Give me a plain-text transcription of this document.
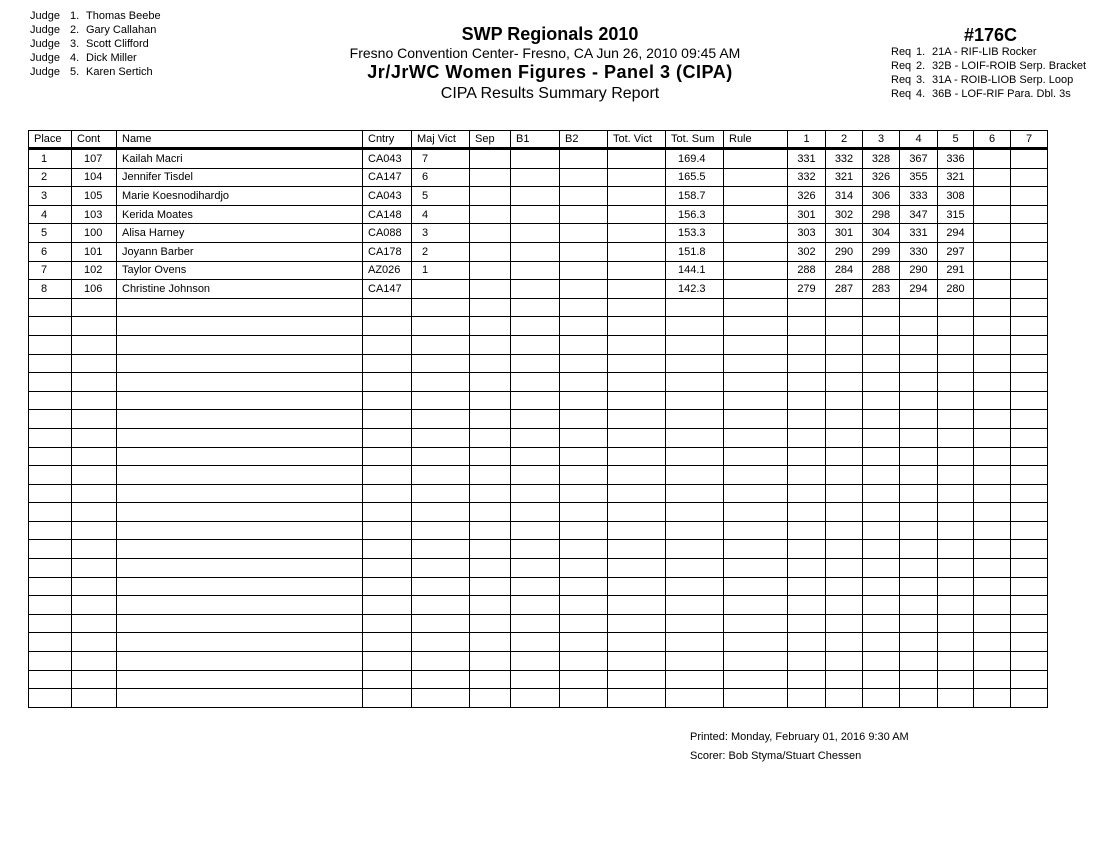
Judge 1. Thomas Beebe
Judge 2. Gary Callahan
Judge 3. Scott Clifford
Judge 4. Dick Miller
Judge 5. Karen Sertich
SWP Regionals 2010
Fresno Convention Center- Fresno, CA Jun 26, 2010 09:45 AM
Jr/JrWC Women Figures - Panel 3 (CIPA)
CIPA Results Summary Report
#176C
Req 1. 21A - RIF-LIB Rocker
Req 2. 32B - LOIF-ROIB Serp. Bracket
Req 3. 31A - ROIB-LIOB Serp. Loop
Req 4. 36B - LOF-RIF Para. Dbl. 3s
Place	Cont	Name	Cntry	Maj Vict	Sep	B1	B2	Tot. Vict	Tot. Sum	Rule	1	2	3	4	5	6	7
1	107	Kailah Macri	CA043	7					169.4		331	332	328	367	336		
2	104	Jennifer Tisdel	CA147	6					165.5		332	321	326	355	321		
3	105	Marie Koesnodihardjo	CA043	5					158.7		326	314	306	333	308		
4	103	Kerida Moates	CA148	4					156.3		301	302	298	347	315		
5	100	Alisa Harney	CA088	3					153.3		303	301	304	331	294		
6	101	Joyann Barber	CA178	2					151.8		302	290	299	330	297		
7	102	Taylor Ovens	AZ026	1					144.1		288	284	288	290	291		
8	106	Christine Johnson	CA147						142.3		279	287	283	294	280		

Printed: Monday, February 01, 2016 9:30 AM
Scorer: Bob Styma/Stuart Chessen
